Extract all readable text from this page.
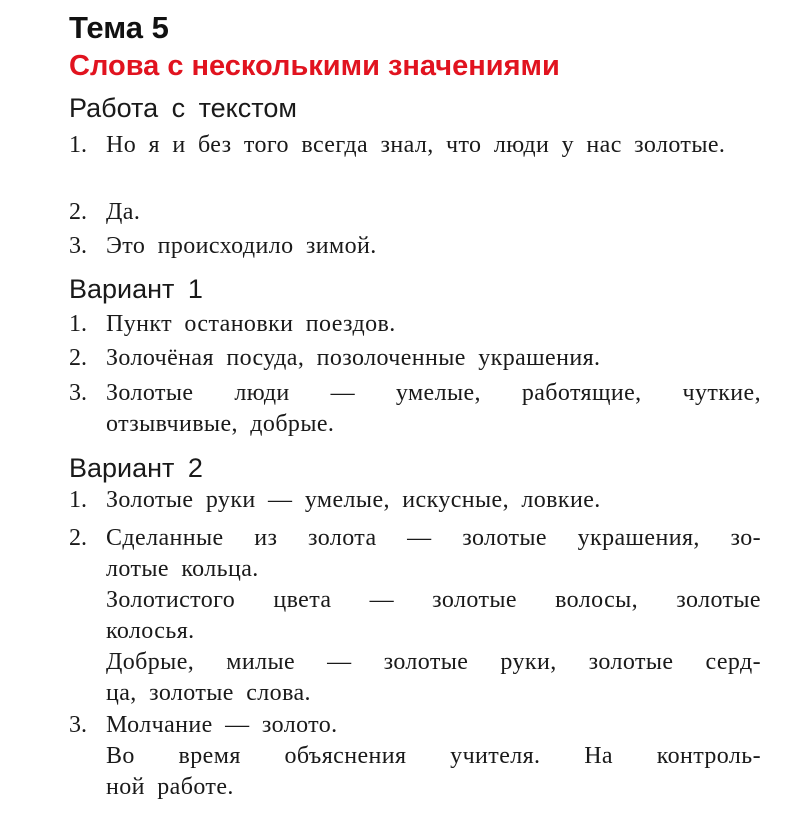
Тема 5
Слова с несколькими значениями
Работа с текстом
1. Но я и без того всегда знал, что люди у нас золотые.
2. Да.
3. Это происходило зимой.
Вариант 1
1. Пункт остановки поездов.
2. Золочёная посуда, позолоченные украшения.
3. Золотые люди — умелые, работящие, чуткие, отзывчивые, добрые.
Вариант 2
1. Золотые руки — умелые, искусные, ловкие.
2. Сделанные из золота — золотые украшения, зо-
лотые кольца.
Золотистого цвета — золотые волосы, золотые
колосья.
Добрые, милые — золотые руки, золотые серд-
ца, золотые слова.
3. Молчание — золото.
Во время объяснения учителя. На контроль-
ной работе.
